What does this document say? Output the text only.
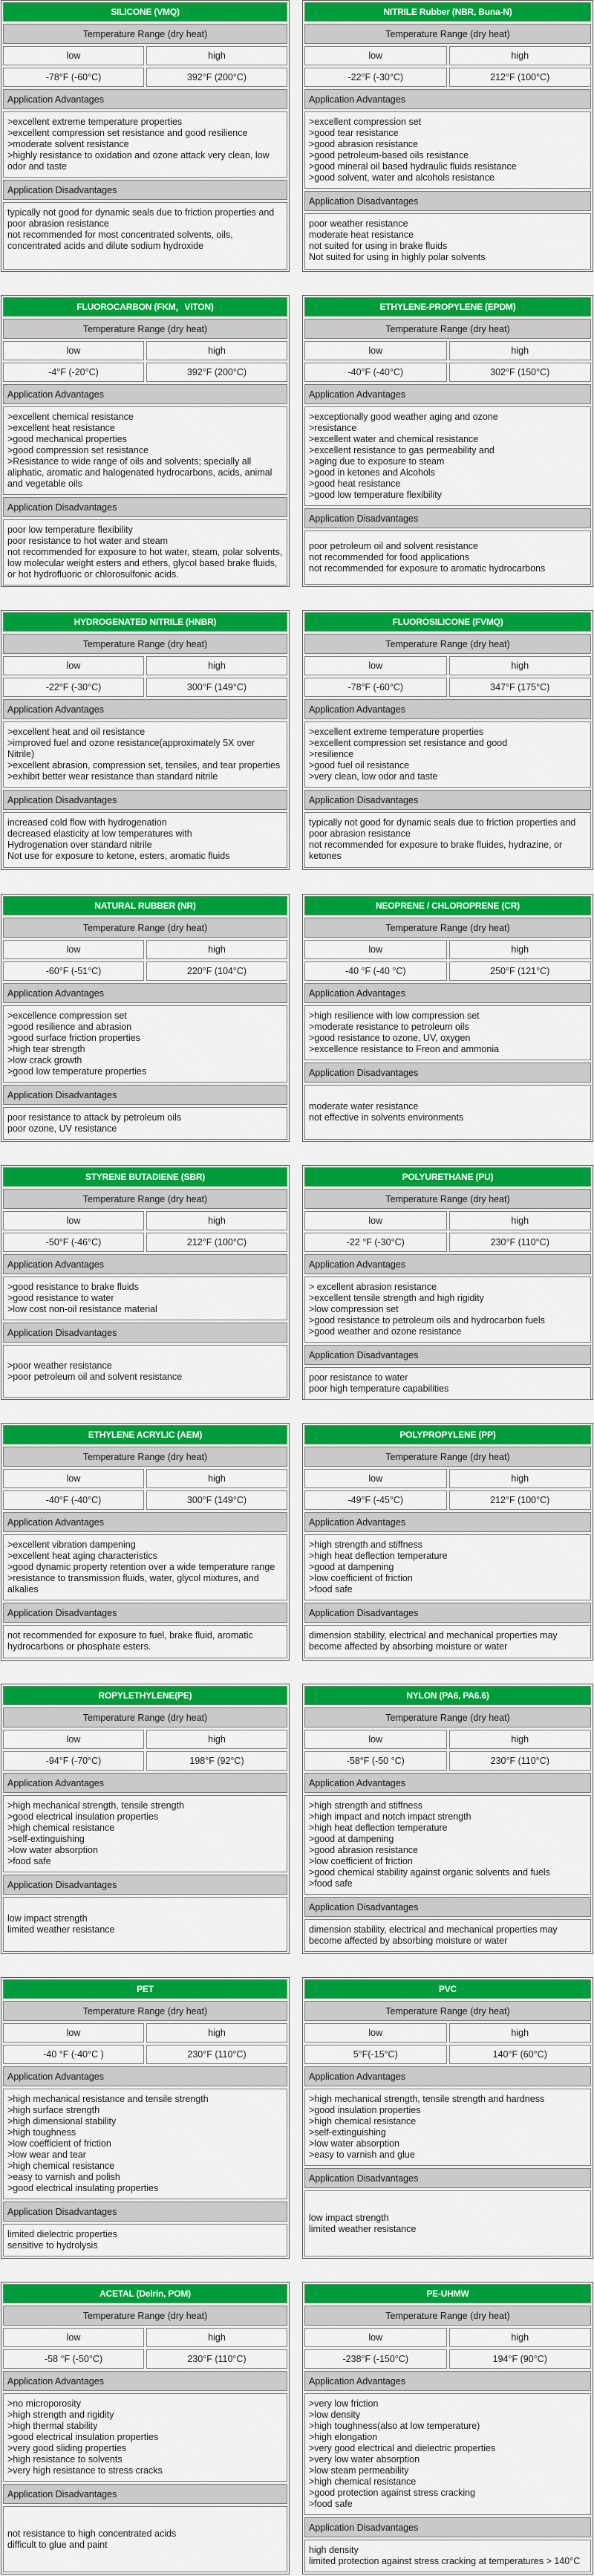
SILICONE (VMQ)
Temperature Range (dry heat)
low	high
-78°F (-60°C)	392°F (200°C)
Application Advantages
>excellent extreme temperature properties
>excellent compression set resistance and good resilience
>moderate solvent resistance
>highly resistance to oxidation and ozone attack very clean, low odor and taste
Application Disadvantages
typically not good for dynamic seals due to friction properties and poor abrasion resistance
not recommended for most concentrated solvents, oils, concentrated acids and dilute sodium hydroxide
NITRILE Rubber (NBR, Buna-N)
Temperature Range (dry heat)
low	high
-22°F (-30°C)	212°F (100°C)
Application Advantages
>excellent compression set
>good tear resistance
>good abrasion resistance
>good petroleum-based oils resistance
>good mineral oil based hydraulic fluids resistance
>good solvent, water and alcohols resistance
Application Disadvantages
poor weather resistance
moderate heat resistance
not suited for using in brake fluids
Not suited for using in highly polar solvents
FLUOROCARBON (FKM，VITON)
Temperature Range (dry heat)
low	high
-4°F (-20°C)	392°F (200°C)
Application Advantages
>excellent chemical resistance
>excellent heat resistance
>good mechanical properties
>good compression set resistance
>Resistance to wide range of oils and solvents; specially all aliphatic, aromatic and halogenated hydrocarbons, acids, animal and vegetable oils
Application Disadvantages
poor low temperature flexibility
poor resistance to hot water and steam
not recommended for exposure to hot water, steam, polar solvents, low molecular weight esters and ethers, glycol based brake fluids, or hot hydrofluoric or chlorosulfonic acids.
ETHYLENE-PROPYLENE (EPDM)
Temperature Range (dry heat)
low	high
-40°F (-40°C)	302°F (150°C)
Application Advantages
>exceptionally good weather aging and ozone
>resistance
>excellent water and chemical resistance
>excellent resistance to gas permeability and
>aging due to exposure to steam
>good in ketones and Alcohols
>good heat resistance
>good low temperature flexibility
Application Disadvantages
poor petroleum oil and solvent resistance
not recommended for food applications
not recommended for exposure to aromatic hydrocarbons
HYDROGENATED NITRILE (HNBR)
Temperature Range (dry heat)
low	high
-22°F (-30°C)	300°F (149°C)
Application Advantages
>excellent heat and oil resistance
>improved fuel and ozone resistance(approximately 5X over Nitrile)
>excellent abrasion, compression set, tensiles, and tear properties
>exhibit better wear resistance than standard nitrile
Application Disadvantages
increased cold flow with hydrogenation
decreased elasticity at low temperatures with
Hydrogenation over standard nitrile
Not use for exposure to ketone, esters, aromatic fluids
FLUOROSILICONE (FVMQ)
Temperature Range (dry heat)
low	high
-78°F (-60°C)	347°F (175°C)
Application Advantages
>excellent extreme temperature properties
>excellent compression set resistance and good
>resilience
>good fuel oil resistance
>very clean, low odor and taste
Application Disadvantages
typically not good for dynamic seals due to friction properties and poor abrasion resistance
not recommended for exposure to brake fluides, hydrazine, or ketones
NATURAL RUBBER (NR)
Temperature Range (dry heat)
low	high
-60°F (-51°C)	220°F (104°C)
Application Advantages
>excellence compression set
>good resilience and abrasion
>good surface friction properties
>high tear strength
>low crack growth
>good low temperature properties
Application Disadvantages
poor resistance to attack by petroleum oils
poor ozone, UV resistance
NEOPRENE / CHLOROPRENE (CR)
Temperature Range (dry heat)
low	high
-40 °F (-40 °C)	250°F (121°C)
Application Advantages
>high resilience with low compression set
>moderate resistance to petroleum oils
>good resistance to ozone, UV, oxygen
>excellence resistance to Freon and ammonia
Application Disadvantages
moderate water resistance
not effective in solvents environments
STYRENE BUTADIENE (SBR)
Temperature Range (dry heat)
low	high
-50°F (-46°C)	212°F (100°C)
Application Advantages
>good resistance to brake fluids
>good resistance to water
>low cost non-oil resistance material
Application Disadvantages
>poor weather resistance
>poor petroleum oil and solvent resistance
POLYURETHANE (PU)
Temperature Range (dry heat)
low	high
-22 °F (-30°C)	230°F (110°C)
Application Advantages
> excellent abrasion resistance
>excellent tensile strength and high rigidity
>low compression set
>good resistance to petroleum oils and hydrocarbon fuels
>good weather and ozone resistance
Application Disadvantages
poor resistance to water
poor high temperature capabilities
ETHYLENE ACRYLIC (AEM)
Temperature Range (dry heat)
low	high
-40°F (-40°C)	300°F (149°C)
Application Advantages
>excellent vibration dampening
>excellent heat aging characteristics
>good dynamic property retention over a wide temperature range
>resistance to transmission fluids, water, glycol mixtures, and alkalies
Application Disadvantages
not recommended for exposure to fuel, brake fluid, aromatic hydrocarbons or phosphate esters.
POLYPROPYLENE (PP)
Temperature Range (dry heat)
low	high
-49°F (-45°C)	212°F (100°C)
Application Advantages
>high strength and stiffness
>high heat deflection temperature
>good at dampening
>low coefficient of friction
>food safe
Application Disadvantages
dimension stability, electrical and mechanical properties may become affected by absorbing moisture or water
ROPYLETHYLENE(PE)
Temperature Range (dry heat)
low	high
-94°F (-70°C)	198°F (92°C)
Application Advantages
>high mechanical strength, tensile strength
>good electrical insulation properties
>high chemical resistance
>self-extinguishing
>low water absorption
>food safe
Application Disadvantages
low impact strength
limited weather resistance
NYLON (PA6, PA6.6)
Temperature Range (dry heat)
low	high
-58°F (-50 °C)	230°F (110°C)
Application Advantages
>high strength and stiffness
>high impact and notch impact strength
>high heat deflection temperature
>good at dampening
>good abrasion resistance
>low coefficient of friction
>good chemical stability against organic solvents and fuels
>food safe
Application Disadvantages
dimension stability, electrical and mechanical properties may become affected by absorbing moisture or water
PET
Temperature Range (dry heat)
low	high
-40 °F (-40°C )	230°F (110°C)
Application Advantages
>high mechanical resistance and tensile strength
>high surface strength
>high dimensional stability
>high toughness
>low coefficient of friction
>low wear and tear
>high chemical resistance
>easy to varnish and polish
>good electrical insulating properties
Application Disadvantages
limited dielectric properties
sensitive to hydrolysis
PVC
Temperature Range (dry heat)
low	high
5°F(-15°C)	140°F (60°C)
Application Advantages
>high mechanical strength, tensile strength and hardness
>good insulation properties
>high chemical resistance
>self-extinguishing
>low water absorption
>easy to varnish and glue
Application Disadvantages
low impact strength
limited weather resistance
ACETAL (Delrin, POM)
Temperature Range (dry heat)
low	high
-58 °F (-50°C)	230°F (110°C)
Application Advantages
>no microporosity
>high strength and rigidity
>high thermal stability
>good electrical insulation properties
>very good sliding properties
>high resistance to solvents
>very high resistance to stress cracks
Application Disadvantages
not resistance to high concentrated acids
difficult to glue and paint
PE-UHMW
Temperature Range (dry heat)
low	high
-238°F (-150°C)	194°F (90°C)
Application Advantages
>very low friction
>low density
>high toughness(also at low temperature)
>high elongation
>very good electrical and dielectric properties
>very low water absorption
>low steam permeability
>high chemical resistance
>good protection against stress cracking
>food safe
Application Disadvantages
high density
limited protection against stress cracking at temperatures > 140°C
